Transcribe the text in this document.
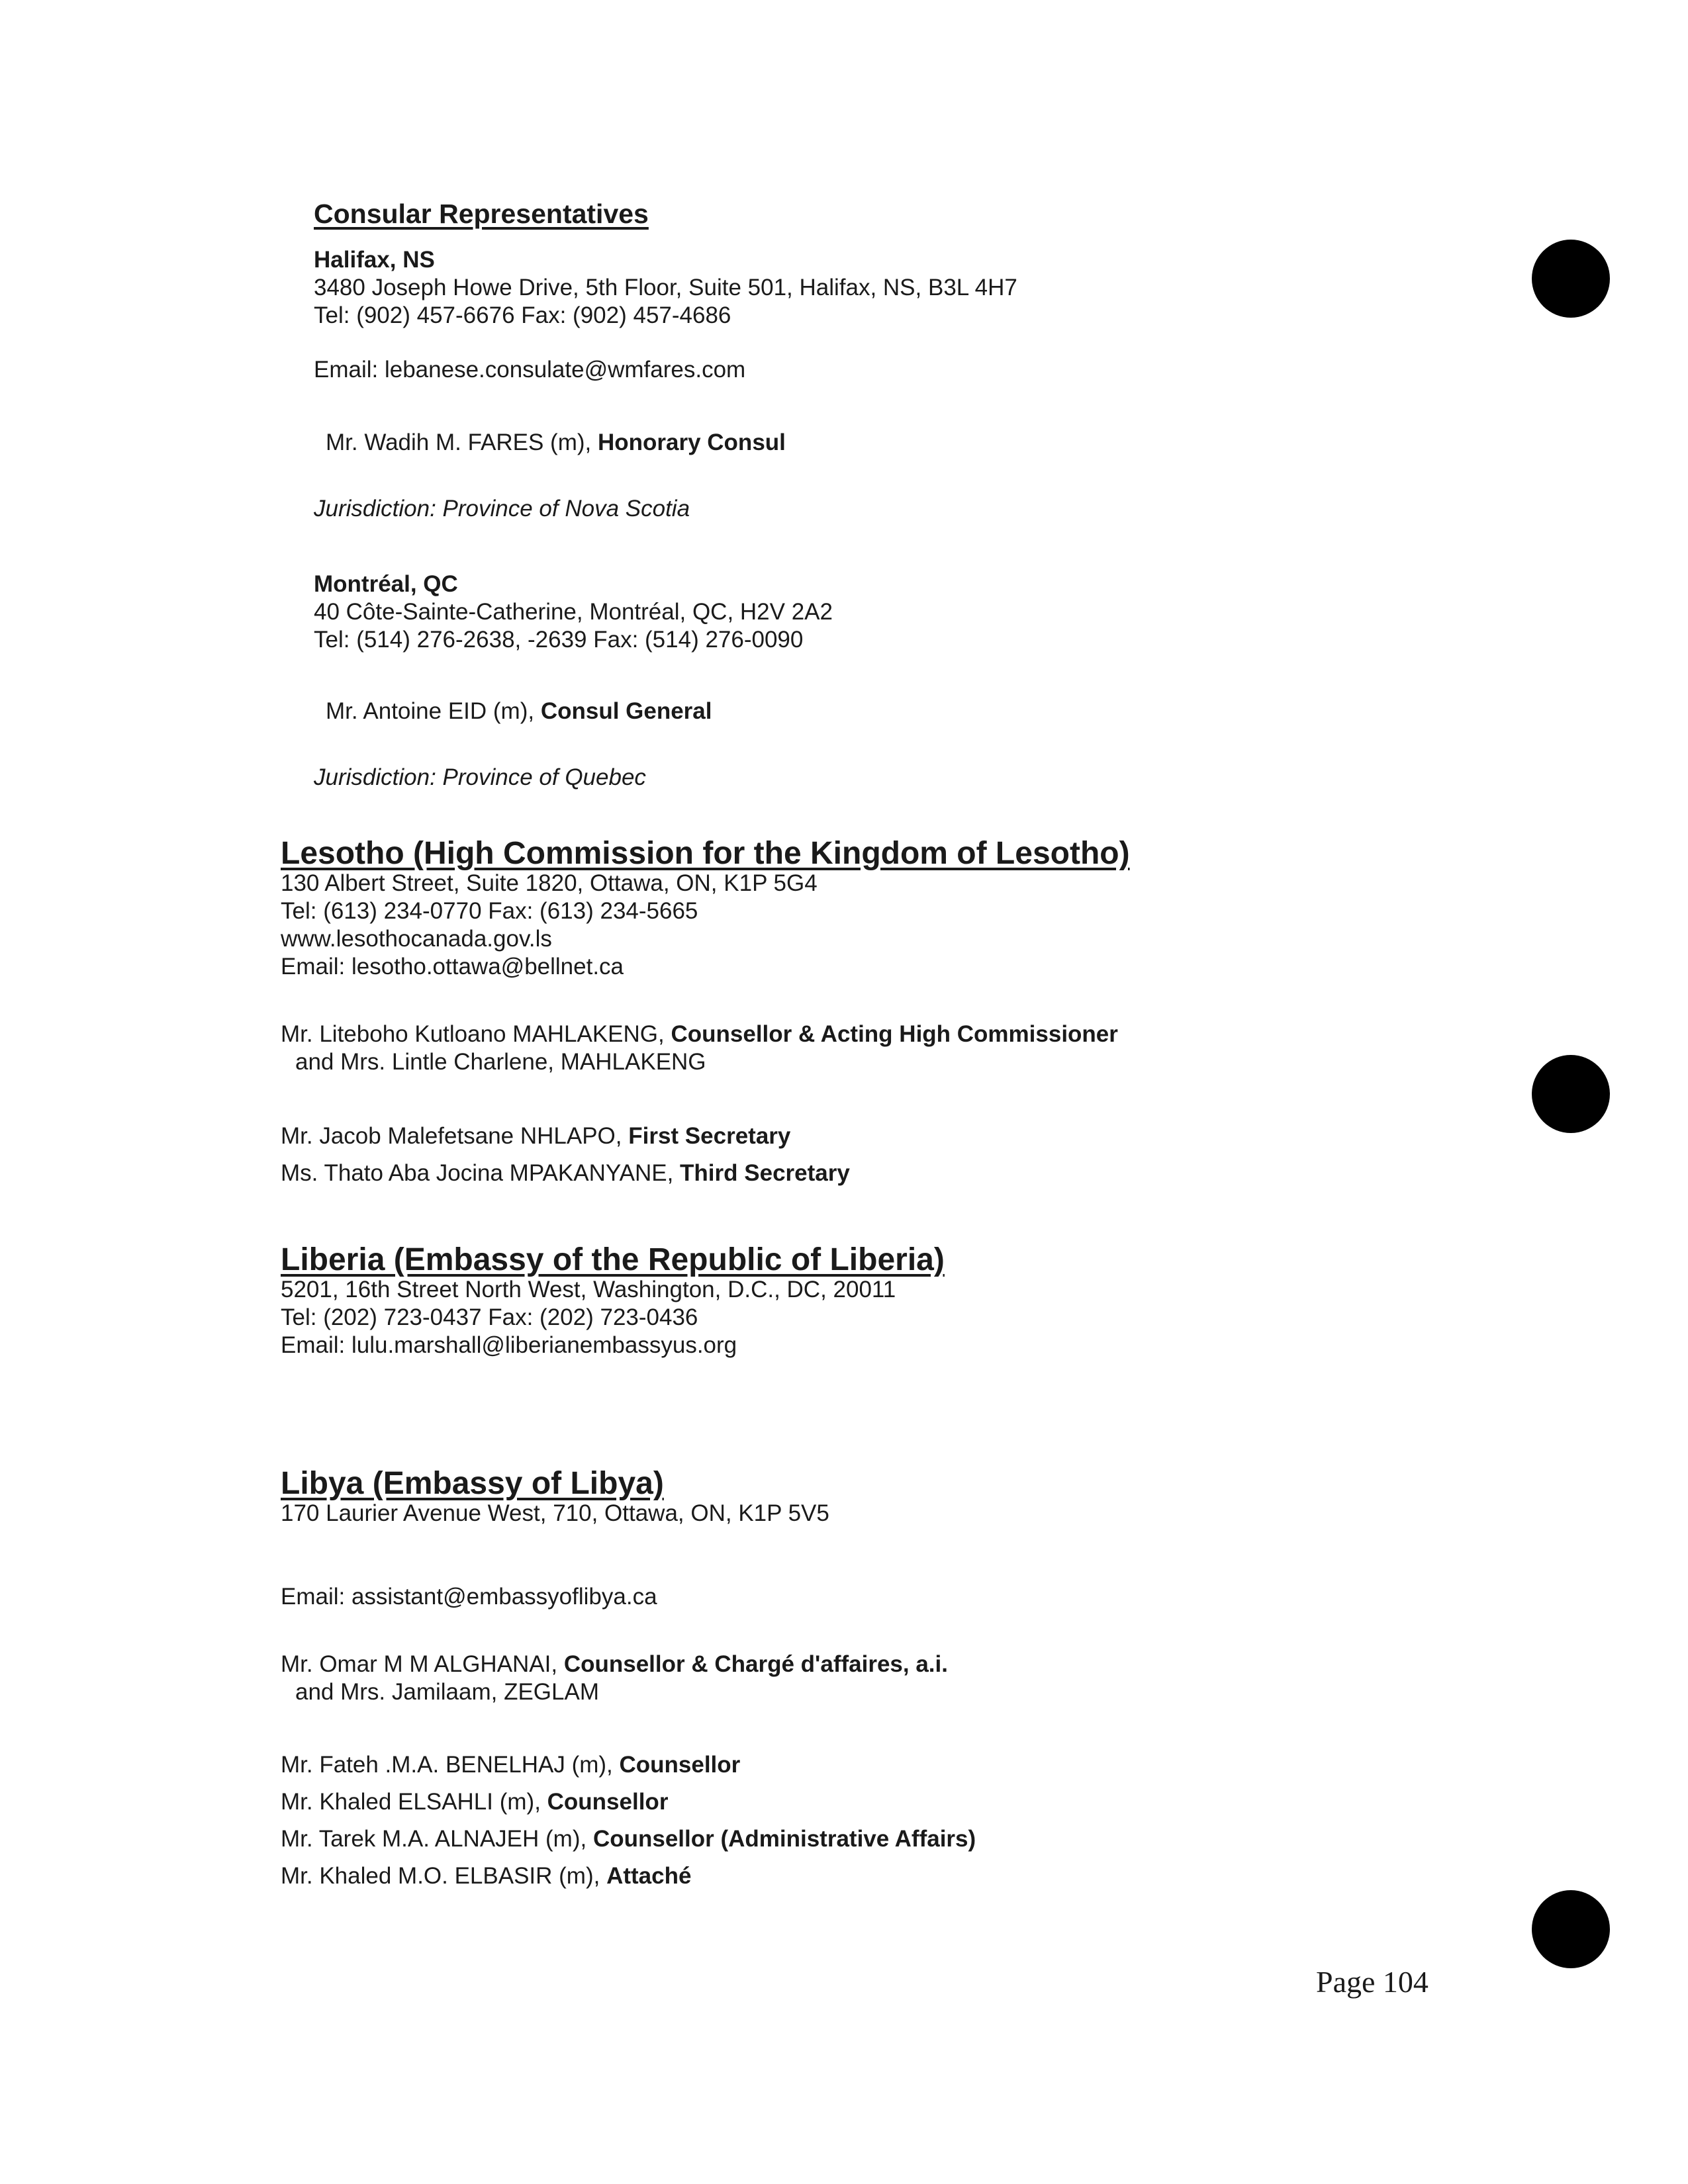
Consular Representatives
Halifax, NS
3480 Joseph Howe Drive, 5th Floor, Suite 501, Halifax, NS, B3L 4H7
Tel: (902) 457-6676 Fax: (902) 457-4686
Email: lebanese.consulate@wmfares.com
Mr. Wadih M. FARES (m), Honorary Consul
Jurisdiction: Province of Nova Scotia
Montréal, QC
40 Côte-Sainte-Catherine, Montréal, QC, H2V 2A2
Tel: (514) 276-2638, -2639 Fax: (514) 276-0090
Mr. Antoine EID (m), Consul General
Jurisdiction: Province of Quebec
Lesotho (High Commission for the Kingdom of Lesotho)
130 Albert Street, Suite 1820, Ottawa, ON, K1P 5G4
Tel: (613) 234-0770 Fax: (613) 234-5665
www.lesothocanada.gov.ls
Email: lesotho.ottawa@bellnet.ca
Mr. Liteboho Kutloano MAHLAKENG, Counsellor & Acting High Commissioner
and Mrs. Lintle Charlene, MAHLAKENG
Mr. Jacob Malefetsane NHLAPO, First Secretary
Ms. Thato Aba Jocina MPAKANYANE, Third Secretary
Liberia (Embassy of the Republic of Liberia)
5201, 16th Street North West, Washington, D.C., DC, 20011
Tel: (202) 723-0437 Fax: (202) 723-0436
Email: lulu.marshall@liberianembassyus.org
Libya (Embassy of Libya)
170 Laurier Avenue West, 710, Ottawa, ON, K1P 5V5
Email: assistant@embassyoflibya.ca
Mr. Omar M M ALGHANAI, Counsellor & Chargé d'affaires, a.i.
and Mrs. Jamilaam, ZEGLAM
Mr. Fateh .M.A. BENELHAJ (m), Counsellor
Mr. Khaled ELSAHLI (m), Counsellor
Mr. Tarek M.A. ALNAJEH (m), Counsellor (Administrative Affairs)
Mr. Khaled M.O. ELBASIR (m), Attaché
Page 104
